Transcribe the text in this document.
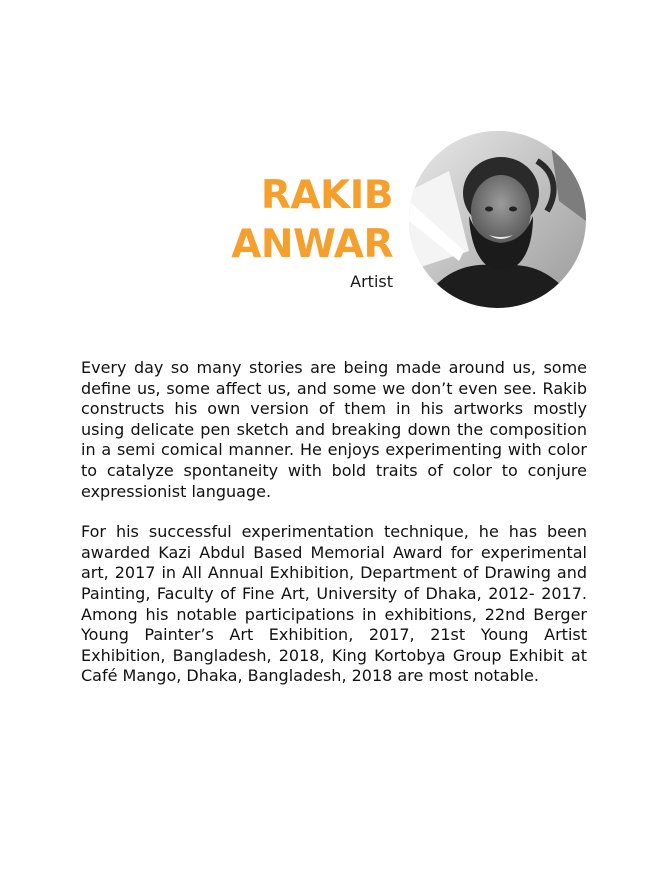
RAKIB
ANWAR
Artist

Every day so many stories are being made around us, some define us, some affect us, and some we don’t even see. Rakib constructs his own version of them in his artworks mostly using delicate pen sketch and breaking down the composition in a semi comical manner. He enjoys experimenting with color to catalyze spontaneity with bold traits of color to conjure expressionist language.

For his successful experimentation technique, he has been awarded Kazi Abdul Based Memorial Award for experimental art, 2017 in All Annual Exhibition, Department of Drawing and Painting, Faculty of Fine Art, University of Dhaka, 2012- 2017. Among his notable participations in exhibitions, 22nd Berger Young Painter’s Art Exhibition, 2017, 21st Young Artist Exhibition, Bangladesh, 2018, King Kortobya Group Exhibit at Café Mango, Dhaka, Bangladesh, 2018 are most notable.
